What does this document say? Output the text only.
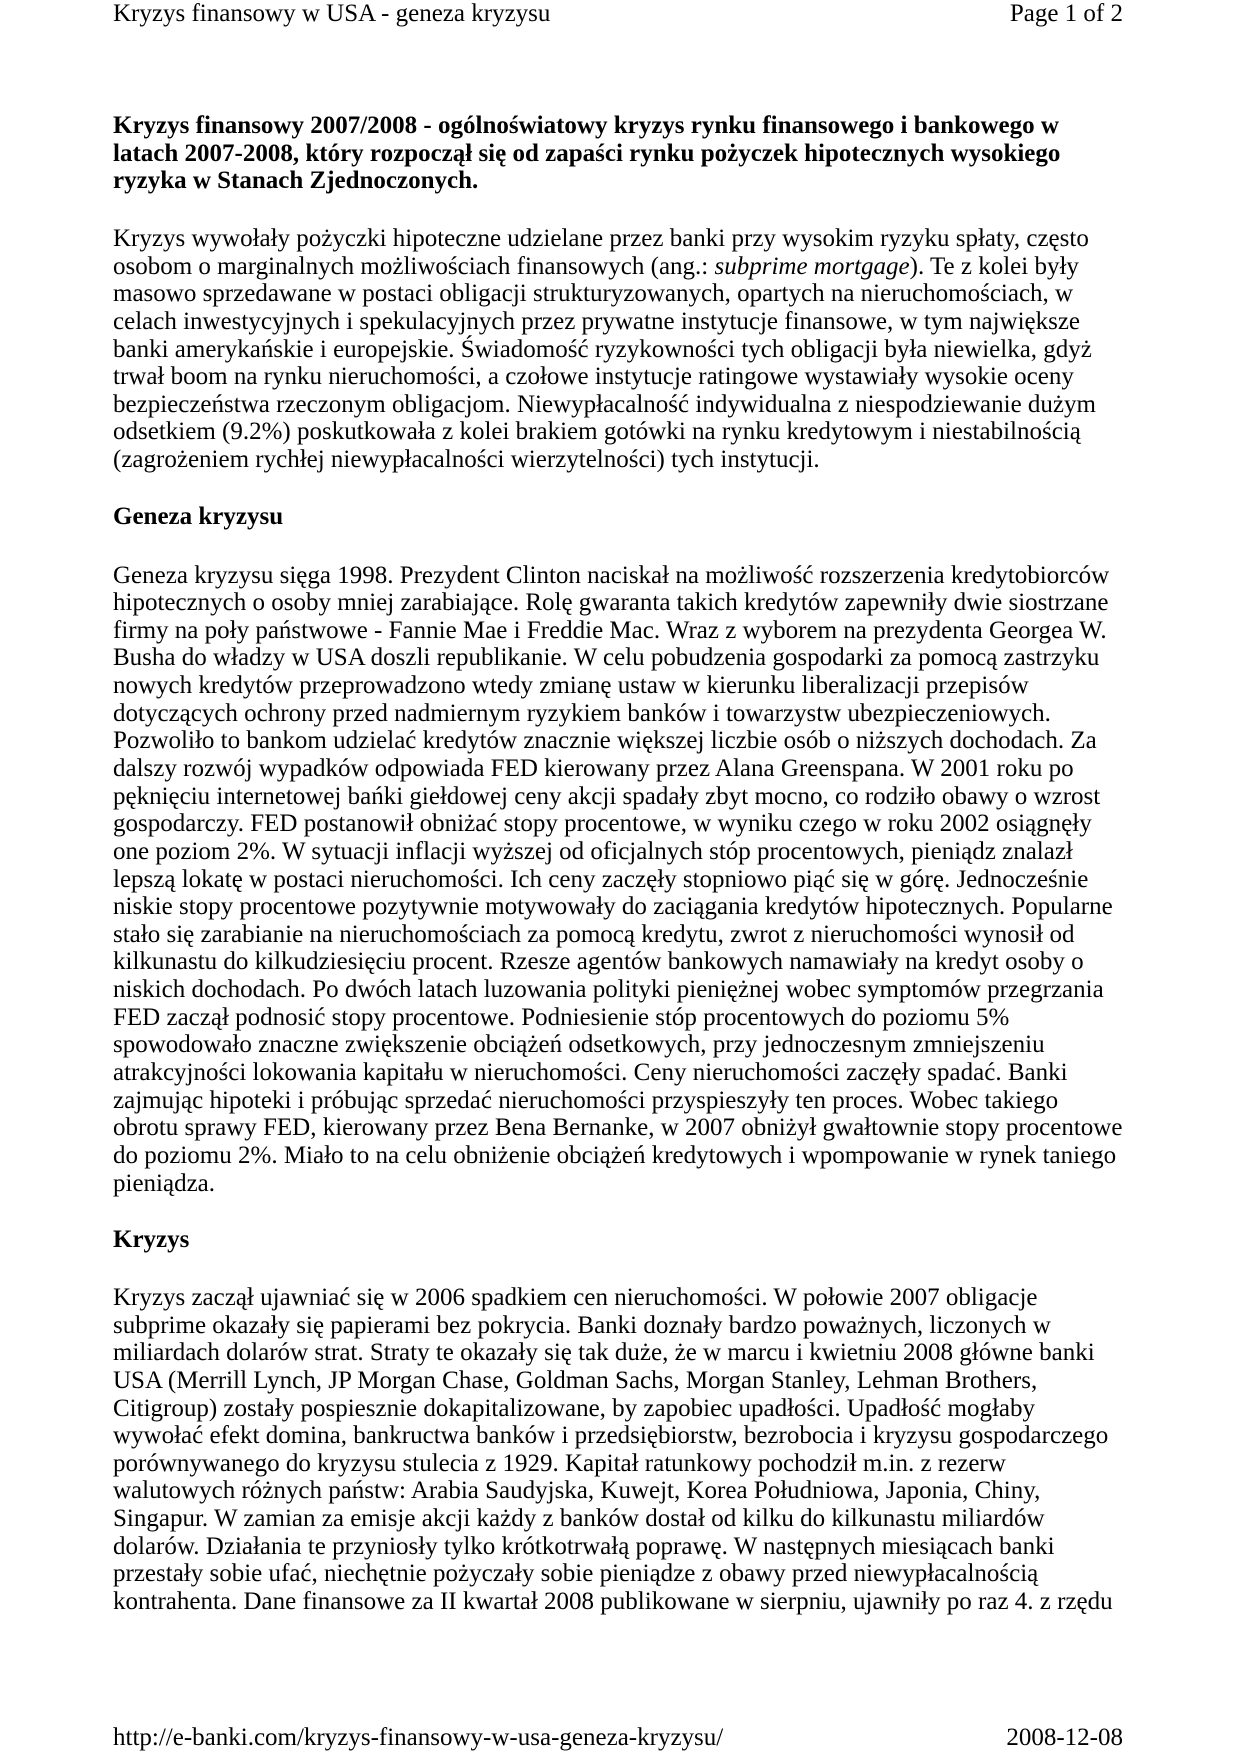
Kryzys finansowy w USA - geneza kryzysu	Page 1 of 2
Kryzys finansowy 2007/2008 - ogólnoświatowy kryzys rynku finansowego i bankowego w
latach 2007-2008, który rozpoczął się od zapaści rynku pożyczek hipotecznych wysokiego
ryzyka w Stanach Zjednoczonych.
Kryzys wywołały pożyczki hipoteczne udzielane przez banki przy wysokim ryzyku spłaty, często
osobom o marginalnych możliwościach finansowych (ang.: subprime mortgage). Te z kolei były
masowo sprzedawane w postaci obligacji strukturyzowanych, opartych na nieruchomościach, w
celach inwestycyjnych i spekulacyjnych przez prywatne instytucje finansowe, w tym największe
banki amerykańskie i europejskie. Świadomość ryzykowności tych obligacji była niewielka, gdyż
trwał boom na rynku nieruchomości, a czołowe instytucje ratingowe wystawiały wysokie oceny
bezpieczeństwa rzeczonym obligacjom. Niewypłacalność indywidualna z niespodziewanie dużym
odsetkiem (9.2%) poskutkowała z kolei brakiem gotówki na rynku kredytowym i niestabilnością
(zagrożeniem rychłej niewypłacalności wierzytelności) tych instytucji.
Geneza kryzysu
Geneza kryzysu sięga 1998. Prezydent Clinton naciskał na możliwość rozszerzenia kredytobiorców
hipotecznych o osoby mniej zarabiające. Rolę gwaranta takich kredytów zapewniły dwie siostrzane
firmy na poły państwowe - Fannie Mae i Freddie Mac. Wraz z wyborem na prezydenta Georgea W.
Busha do władzy w USA doszli republikanie. W celu pobudzenia gospodarki za pomocą zastrzyku
nowych kredytów przeprowadzono wtedy zmianę ustaw w kierunku liberalizacji przepisów
dotyczących ochrony przed nadmiernym ryzykiem banków i towarzystw ubezpieczeniowych.
Pozwoliło to bankom udzielać kredytów znacznie większej liczbie osób o niższych dochodach. Za
dalszy rozwój wypadków odpowiada FED kierowany przez Alana Greenspana. W 2001 roku po
pęknięciu internetowej bańki giełdowej ceny akcji spadały zbyt mocno, co rodziło obawy o wzrost
gospodarczy. FED postanowił obniżać stopy procentowe, w wyniku czego w roku 2002 osiągnęły
one poziom 2%. W sytuacji inflacji wyższej od oficjalnych stóp procentowych, pieniądz znalazł
lepszą lokatę w postaci nieruchomości. Ich ceny zaczęły stopniowo piąć się w górę. Jednocześnie
niskie stopy procentowe pozytywnie motywowały do zaciągania kredytów hipotecznych. Popularne
stało się zarabianie na nieruchomościach za pomocą kredytu, zwrot z nieruchomości wynosił od
kilkunastu do kilkudziesięciu procent. Rzesze agentów bankowych namawiały na kredyt osoby o
niskich dochodach. Po dwóch latach luzowania polityki pieniężnej wobec symptomów przegrzania
FED zaczął podnosić stopy procentowe. Podniesienie stóp procentowych do poziomu 5%
spowodowało znaczne zwiększenie obciążeń odsetkowych, przy jednoczesnym zmniejszeniu
atrakcyjności lokowania kapitału w nieruchomości. Ceny nieruchomości zaczęły spadać. Banki
zajmując hipoteki i próbując sprzedać nieruchomości przyspieszyły ten proces. Wobec takiego
obrotu sprawy FED, kierowany przez Bena Bernanke, w 2007 obniżył gwałtownie stopy procentowe
do poziomu 2%. Miało to na celu obniżenie obciążeń kredytowych i wpompowanie w rynek taniego
pieniądza.
Kryzys
Kryzys zaczął ujawniać się w 2006 spadkiem cen nieruchomości. W połowie 2007 obligacje
subprime okazały się papierami bez pokrycia. Banki doznały bardzo poważnych, liczonych w
miliardach dolarów strat. Straty te okazały się tak duże, że w marcu i kwietniu 2008 główne banki
USA (Merrill Lynch, JP Morgan Chase, Goldman Sachs, Morgan Stanley, Lehman Brothers,
Citigroup) zostały pospiesznie dokapitalizowane, by zapobiec upadłości. Upadłość mogłaby
wywołać efekt domina, bankructwa banków i przedsiębiorstw, bezrobocia i kryzysu gospodarczego
porównywanego do kryzysu stulecia z 1929. Kapitał ratunkowy pochodził m.in. z rezerw
walutowych różnych państw: Arabia Saudyjska, Kuwejt, Korea Południowa, Japonia, Chiny,
Singapur. W zamian za emisje akcji każdy z banków dostał od kilku do kilkunastu miliardów
dolarów. Działania te przyniosły tylko krótkotrwałą poprawę. W następnych miesiącach banki
przestały sobie ufać, niechętnie pożyczały sobie pieniądze z obawy przed niewypłacalnością
kontrahenta. Dane finansowe za II kwartał 2008 publikowane w sierpniu, ujawniły po raz 4. z rzędu
http://e-banki.com/kryzys-finansowy-w-usa-geneza-kryzysu/	2008-12-08
